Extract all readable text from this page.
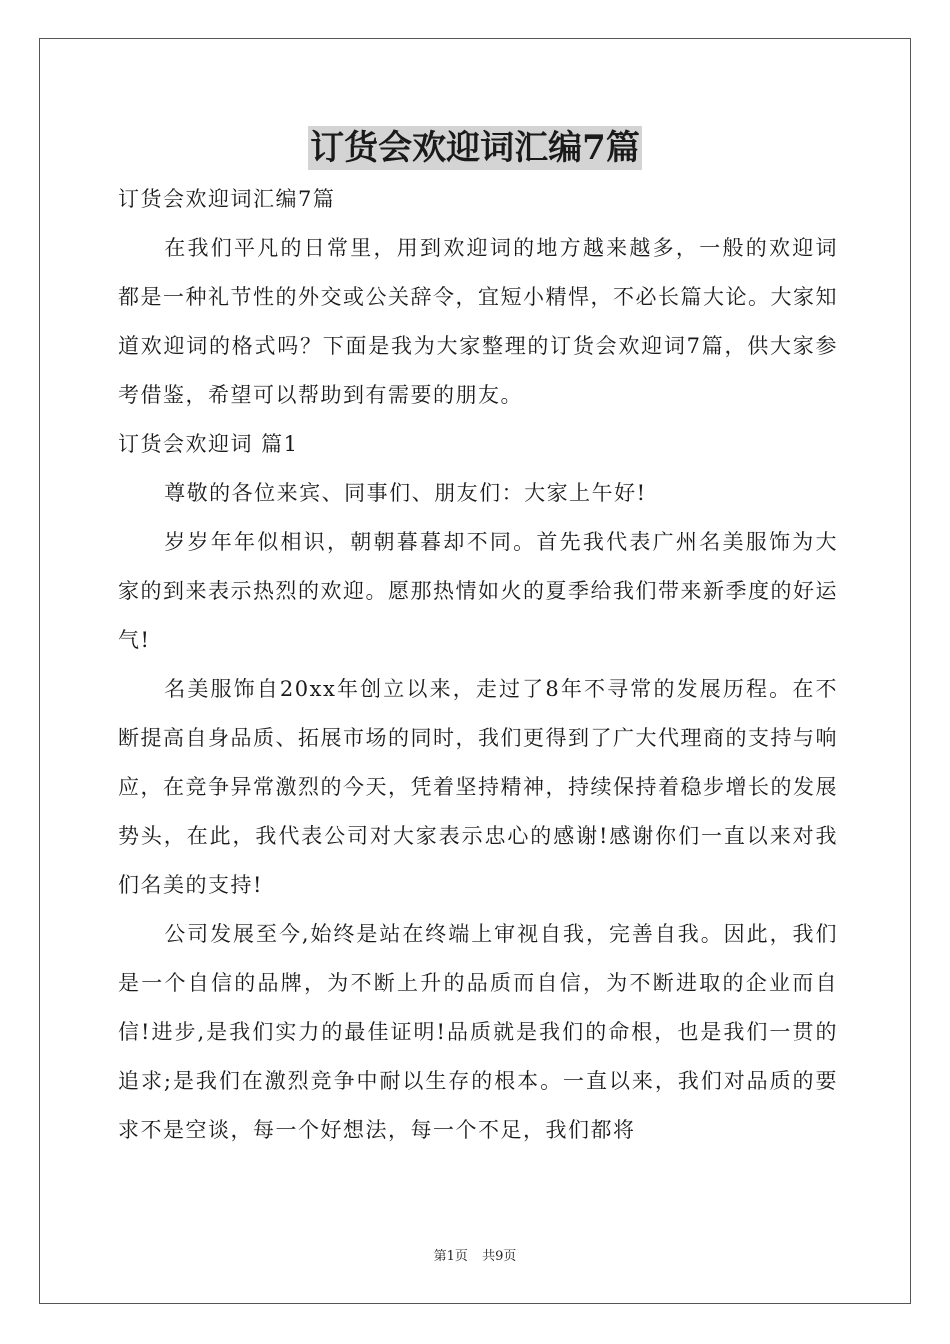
订货会欢迎词汇编7篇

订货会欢迎词汇编7篇

在我们平凡的日常里，用到欢迎词的地方越来越多，一般的欢迎词都是一种礼节性的外交或公关辞令，宜短小精悍，不必长篇大论。大家知道欢迎词的格式吗？下面是我为大家整理的订货会欢迎词7篇，供大家参考借鉴，希望可以帮助到有需要的朋友。

订货会欢迎词 篇1

尊敬的各位来宾、同事们、朋友们：大家上午好!

岁岁年年似相识，朝朝暮暮却不同。首先我代表广州名美服饰为大家的到来表示热烈的欢迎。愿那热情如火的夏季给我们带来新季度的好运气!

名美服饰自20xx年创立以来，走过了8年不寻常的发展历程。在不断提高自身品质、拓展市场的同时，我们更得到了广大代理商的支持与响应，在竞争异常激烈的今天，凭着坚持精神，持续保持着稳步增长的发展势头，在此，我代表公司对大家表示忠心的感谢!感谢你们一直以来对我们名美的支持!

公司发展至今,始终是站在终端上审视自我，完善自我。因此，我们是一个自信的品牌，为不断上升的品质而自信，为不断进取的企业而自信!进步,是我们实力的最佳证明!品质就是我们的命根，也是我们一贯的追求;是我们在激烈竞争中耐以生存的根本。一直以来，我们对品质的要求不是空谈，每一个好想法，每一个不足，我们都将

第1页 共9页
